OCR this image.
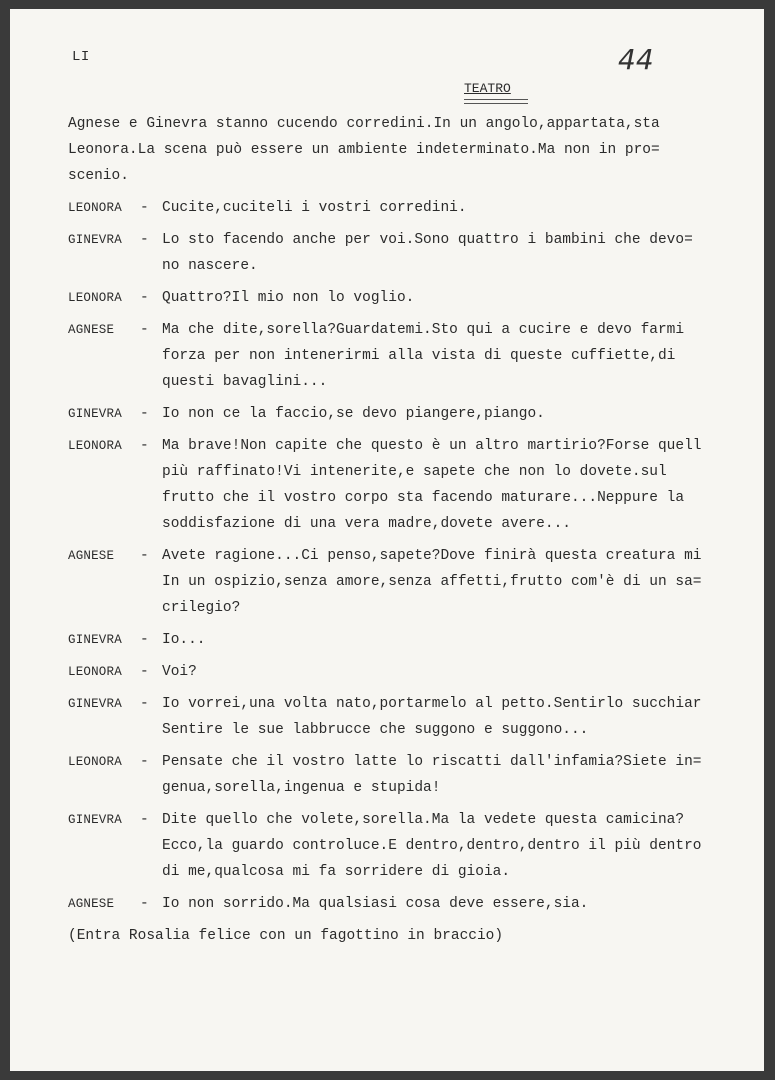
LI	44
TEATRO
Agnese e Ginevra stanno cucendo corredini.In un angolo,appartata,sta
Leonora.La scena può essere un ambiente indeterminato.Ma non in pro=
scenio.
LEONORA	- Cucite,cuciteli i vostri corredini.
GINEVRA	- Lo sto facendo anche per voi.Sono quattro i bambini che devo=
no nascere.
LEONORA	- Quattro?Il mio non lo voglio.
AGNESE	- Ma che dite,sorella?Guardatemi.Sto qui a cucire e devo farmi
forza per non intenerirmi alla vista di queste cuffiette,di
questi bavaglini...
GINEVRA	- Io non ce la faccio,se devo piangere,piango.
LEONORA	- Ma brave!Non capite che questo è un altro martirio?Forse quell
più raffinato!Vi intenerite,e sapete che non lo dovete.sul
frutto che il vostro corpo sta facendo maturare...Neppure la
soddisfazione di una vera madre,dovete avere...
AGNESE	- Avete ragione...Ci penso,sapete?Dove finirà questa creatura mi
In un ospizio,senza amore,senza affetti,frutto com'è di un sa=
crilegio?
GINEVRA	- Io...
LEONORA	- Voi?
GINEVRA	- Io vorrei,una volta nato,portarmelo al petto.Sentirlo succhiar
Sentire le sue labbrucce che suggono e suggono...
LEONORA	- Pensate che il vostro latte lo riscatti dall'infamia?Siete in=
genua,sorella,ingenua e stupida!
GINEVRA	- Dite quello che volete,sorella.Ma la vedete questa camicina?
Ecco,la guardo controluce.E dentro,dentro,dentro il più dentro
di me,qualcosa mi fa sorridere di gioia.
AGNESE	- Io non sorrido.Ma qualsiasi cosa deve essere,sia.
(Entra Rosalia felice con un fagottino in braccio)
